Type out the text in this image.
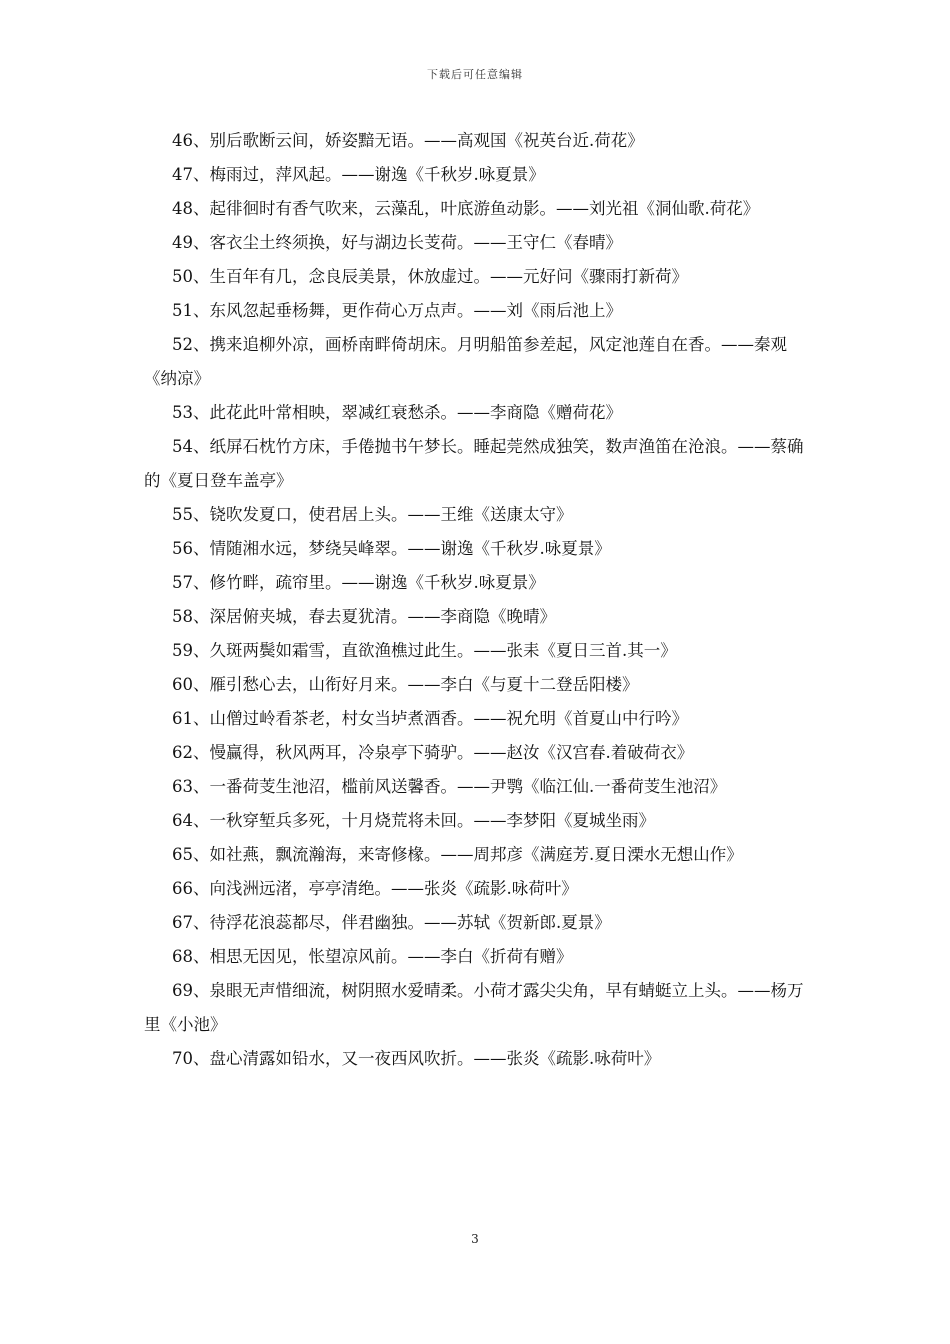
下载后可任意编辑

46、别后歌断云间，娇姿黯无语。——高观国《祝英台近.荷花》

47、梅雨过，萍风起。——谢逸《千秋岁.咏夏景》

48、起徘徊时有香气吹来，云藻乱，叶底游鱼动影。——刘光祖《洞仙歌.荷花》

49、客衣尘土终须换，好与湖边长芰荷。——王守仁《春晴》

50、生百年有几，念良辰美景，休放虚过。——元好问《骤雨打新荷》

51、东风忽起垂杨舞，更作荷心万点声。——刘《雨后池上》

52、携来追柳外凉，画桥南畔倚胡床。月明船笛参差起，风定池莲自在香。——秦观《纳凉》

53、此花此叶常相映，翠减红衰愁杀。——李商隐《赠荷花》

54、纸屏石枕竹方床，手倦抛书午梦长。睡起莞然成独笑，数声渔笛在沧浪。——蔡确的《夏日登车盖亭》

55、铙吹发夏口，使君居上头。——王维《送康太守》

56、情随湘水远，梦绕吴峰翠。——谢逸《千秋岁.咏夏景》

57、修竹畔，疏帘里。——谢逸《千秋岁.咏夏景》

58、深居俯夹城，春去夏犹清。——李商隐《晚晴》

59、久斑两鬓如霜雪，直欲渔樵过此生。——张耒《夏日三首.其一》

60、雁引愁心去，山衔好月来。——李白《与夏十二登岳阳楼》

61、山僧过岭看茶老，村女当垆煮酒香。——祝允明《首夏山中行吟》

62、慢赢得，秋风两耳，冷泉亭下骑驴。——赵汝《汉宫春.着破荷衣》

63、一番荷芰生池沼，槛前风送馨香。——尹鹗《临江仙.一番荷芰生池沼》

64、一秋穿堑兵多死，十月烧荒将未回。——李梦阳《夏城坐雨》

65、如社燕，飘流瀚海，来寄修椽。——周邦彦《满庭芳.夏日溧水无想山作》

66、向浅洲远渚，亭亭清绝。——张炎《疏影.咏荷叶》

67、待浮花浪蕊都尽，伴君幽独。——苏轼《贺新郎.夏景》

68、相思无因见，怅望凉风前。——李白《折荷有赠》

69、泉眼无声惜细流，树阴照水爱晴柔。小荷才露尖尖角，早有蜻蜓立上头。——杨万里《小池》

70、盘心清露如铅水，又一夜西风吹折。——张炎《疏影.咏荷叶》

3
